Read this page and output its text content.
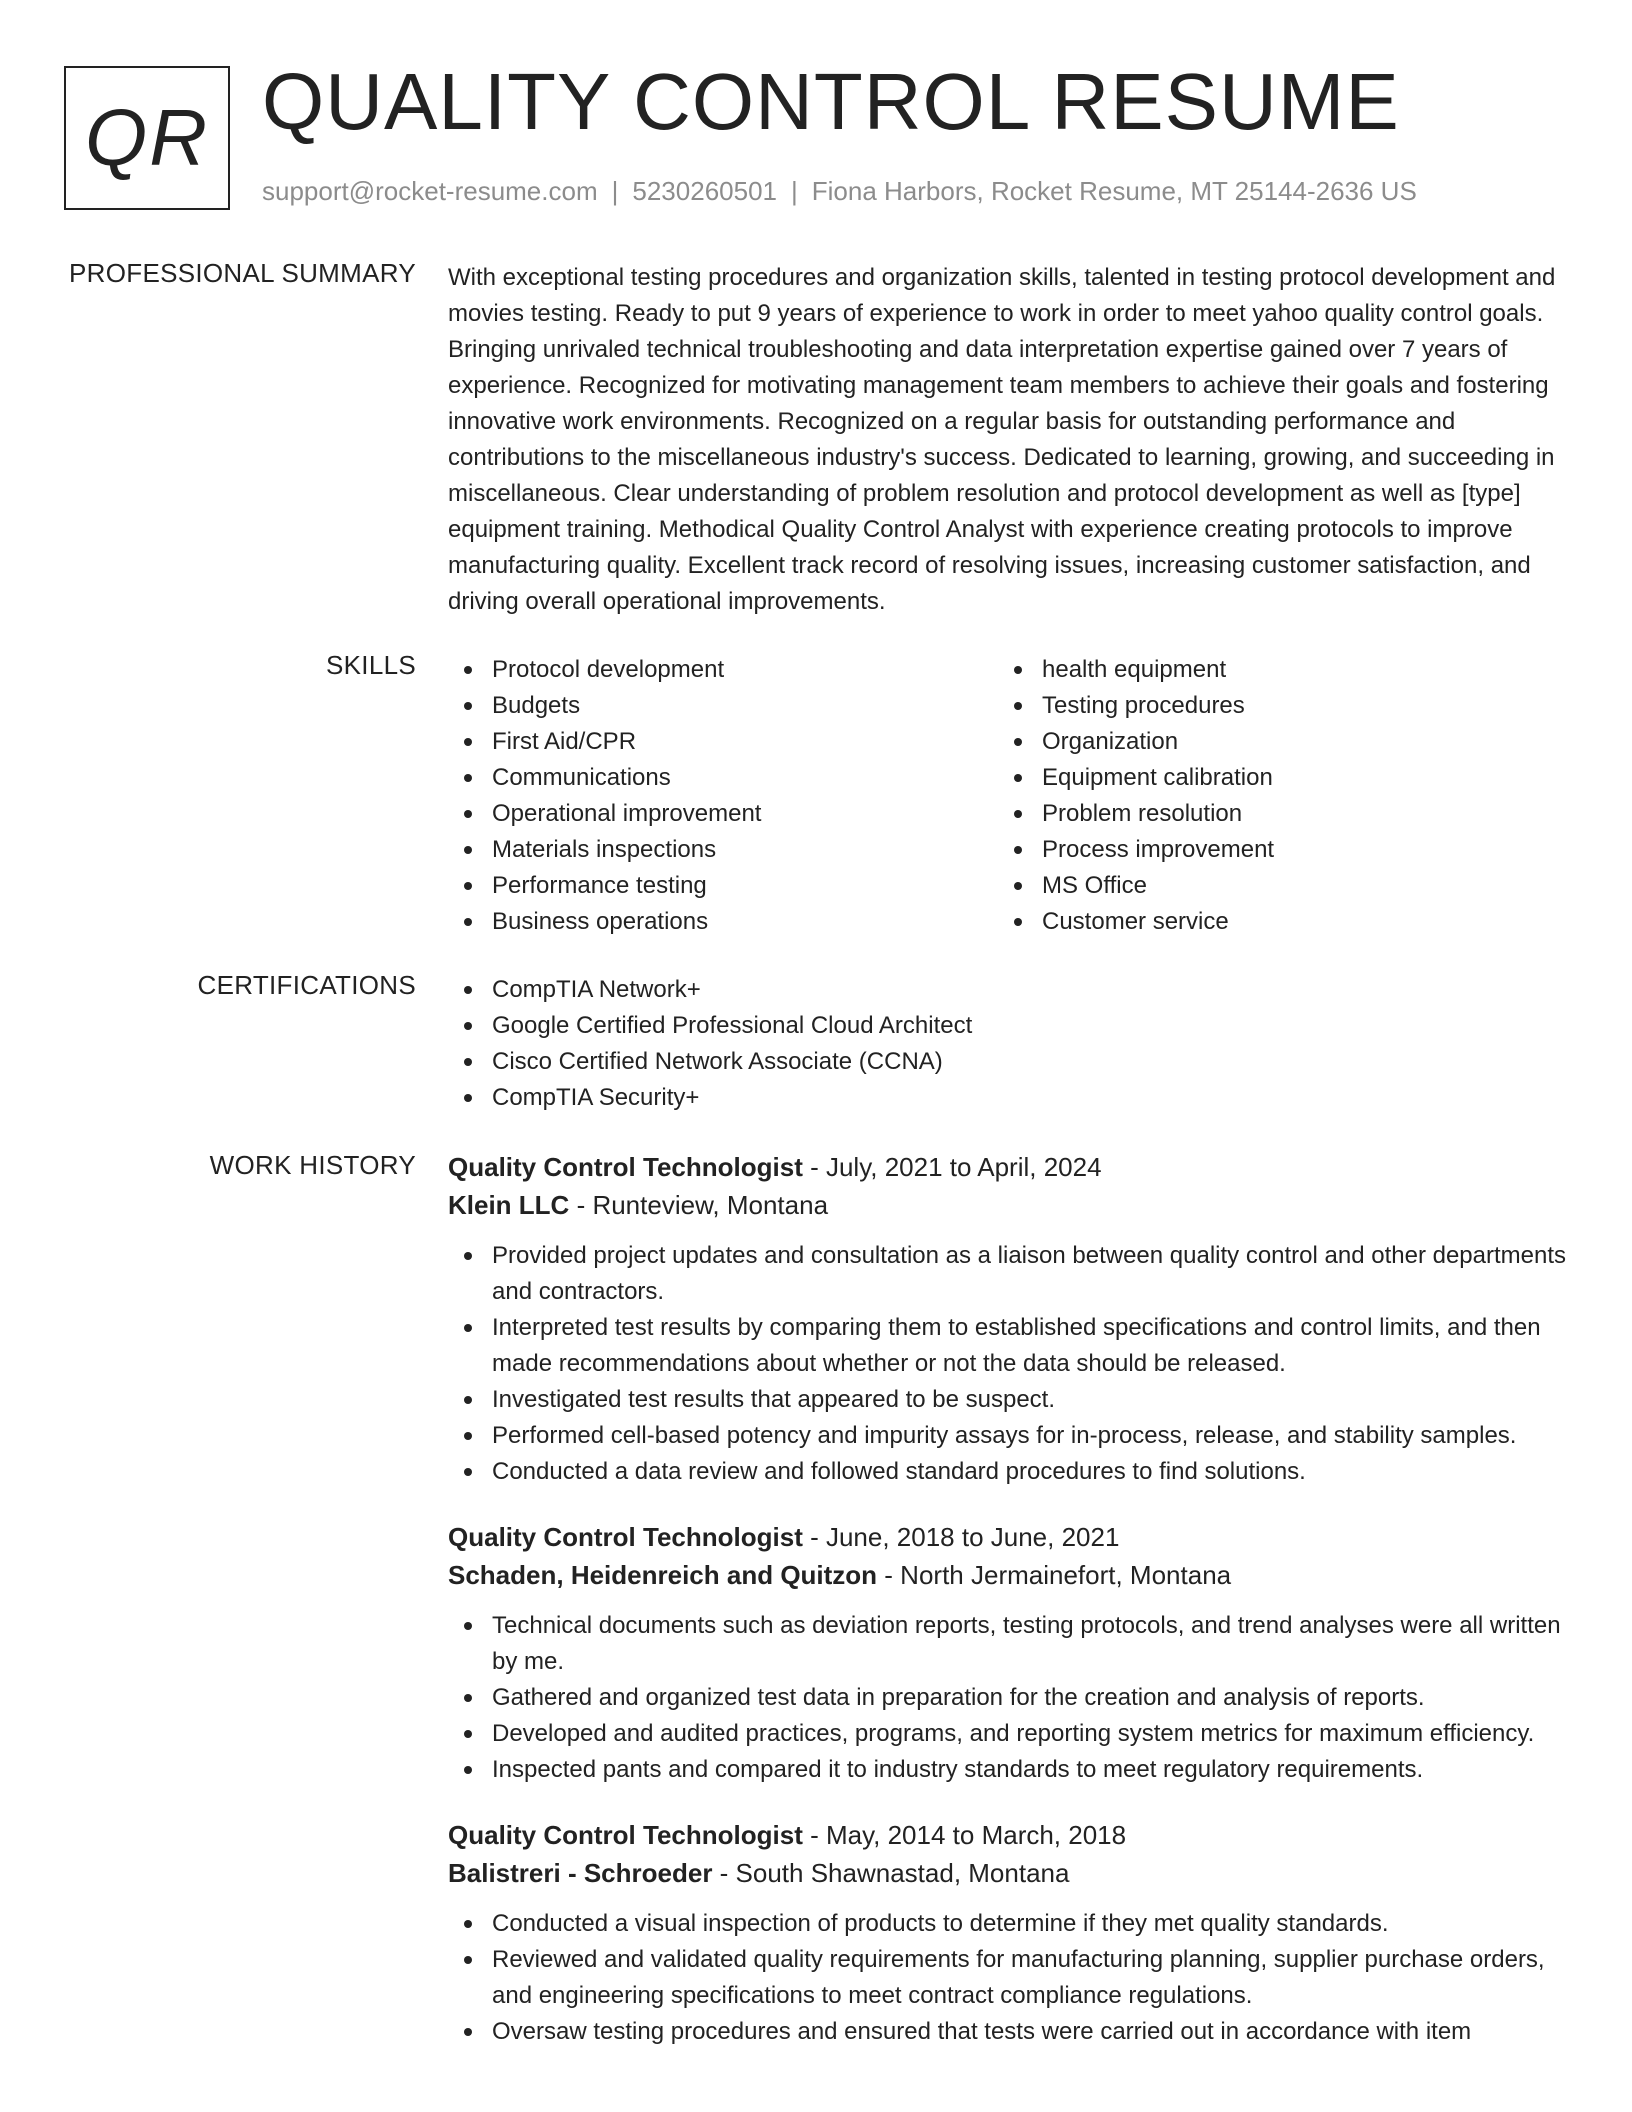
QR QUALITY CONTROL RESUME
support@rocket-resume.com | 5230260501 | Fiona Harbors, Rocket Resume, MT 25144-2636 US
PROFESSIONAL SUMMARY With exceptional testing procedures and organization skills, talented in testing protocol development and movies testing. Ready to put 9 years of experience to work in order to meet yahoo quality control goals. Bringing unrivaled technical troubleshooting and data interpretation expertise gained over 7 years of experience. Recognized for motivating management team members to achieve their goals and fostering innovative work environments. Recognized on a regular basis for outstanding performance and contributions to the miscellaneous industry's success. Dedicated to learning, growing, and succeeding in miscellaneous. Clear understanding of problem resolution and protocol development as well as [type] equipment training. Methodical Quality Control Analyst with experience creating protocols to improve manufacturing quality. Excellent track record of resolving issues, increasing customer satisfaction, and driving overall operational improvements.

SKILLS	Protocol development
Budgets
First Aid/CPR
Communications
Operational improvement
Materials inspections
Performance testing
Business operations
health equipment
Testing procedures
Organization
Equipment calibration
Problem resolution
Process improvement
MS Office
Customer service
CERTIFICATIONS	CompTIA Network+
Google Certified Professional Cloud Architect
Cisco Certified Network Associate (CCNA)
CompTIA Security+
WORK HISTORY Quality Control Technologist - July, 2021 to April, 2024
Klein LLC - Runteview, Montana
Provided project updates and consultation as a liaison between quality control and other departments and contractors.
Interpreted test results by comparing them to established specifications and control limits, and then made recommendations about whether or not the data should be released.
Investigated test results that appeared to be suspect.
Performed cell-based potency and impurity assays for in-process, release, and stability samples.
Conducted a data review and followed standard procedures to find solutions.
Quality Control Technologist - June, 2018 to June, 2021
Schaden, Heidenreich and Quitzon - North Jermainefort, Montana
Technical documents such as deviation reports, testing protocols, and trend analyses were all written by me.
Gathered and organized test data in preparation for the creation and analysis of reports.
Developed and audited practices, programs, and reporting system metrics for maximum efficiency.
Inspected pants and compared it to industry standards to meet regulatory requirements.
Quality Control Technologist - May, 2014 to March, 2018
Balistreri - Schroeder - South Shawnastad, Montana
Conducted a visual inspection of products to determine if they met quality standards.
Reviewed and validated quality requirements for manufacturing planning, supplier purchase orders, and engineering specifications to meet contract compliance regulations.
Oversaw testing procedures and ensured that tests were carried out in accordance with item
